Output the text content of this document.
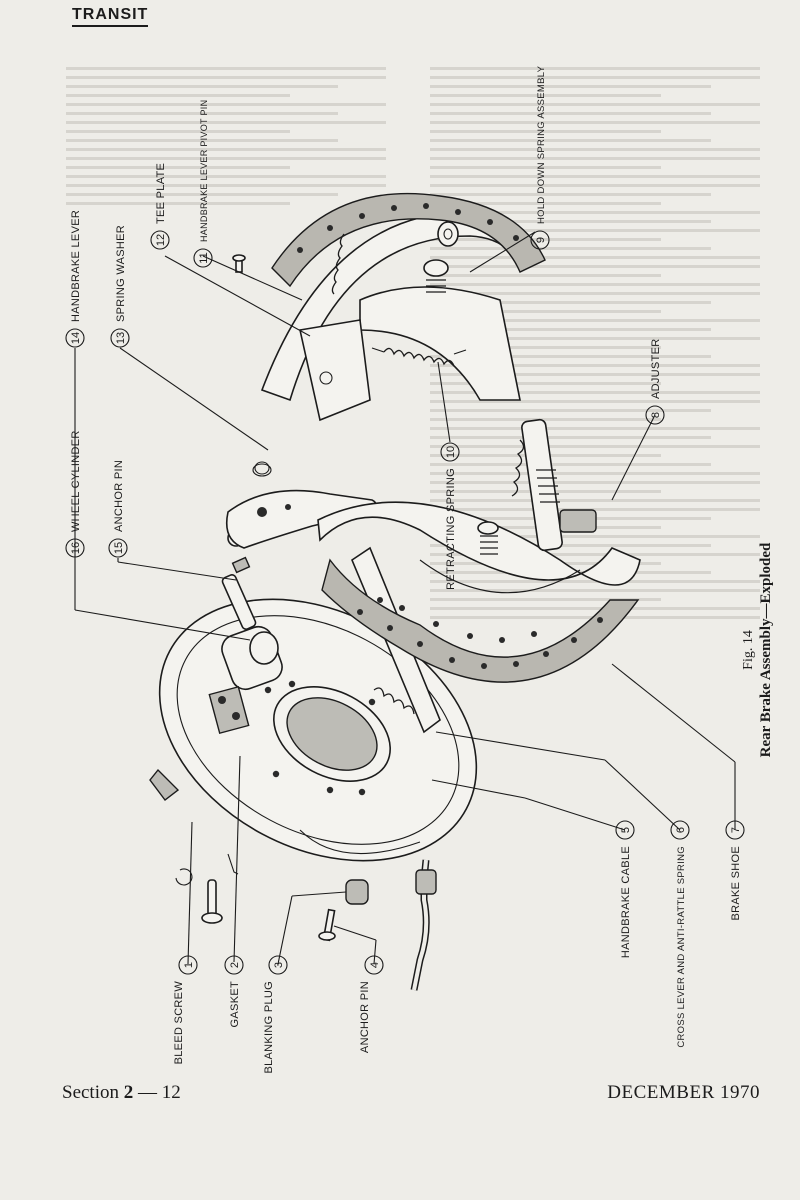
TRANSIT
1
BLEED SCREW
2
GASKET
3
BLANKING PLUG
4
ANCHOR PIN
5
HANDBRAKE CABLE
6
CROSS LEVER AND ANTI-RATTLE SPRING
7
BRAKE SHOE
8
ADJUSTER
9
HOLD DOWN SPRING ASSEMBLY
10
RETRACTING SPRING
11
HANDBRAKE LEVER PIVOT PIN
12
TEE PLATE
13
SPRING WASHER
14
HANDBRAKE LEVER
15
ANCHOR PIN
16
WHEEL CYLINDER
Fig. 14 Rear Brake Assembly—Exploded
Section 2 — 12	DECEMBER 1970
